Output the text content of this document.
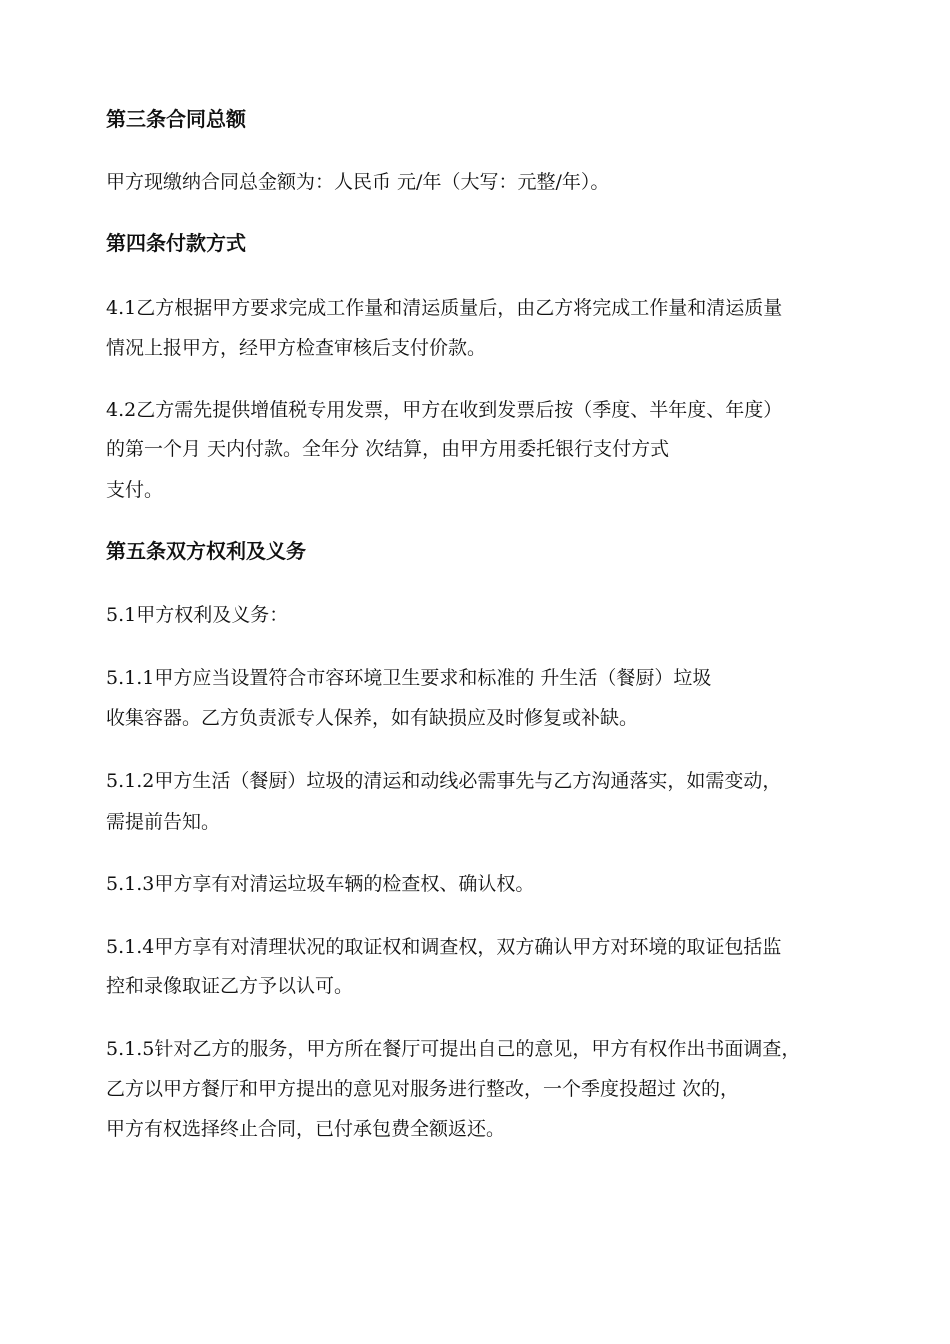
第三条合同总额
甲方现缴纳合同总金额为：人民币 元/年（大写：元整/年）。
第四条付款方式
4.1乙方根据甲方要求完成工作量和清运质量后，由乙方将完成工作量和清运质量
情况上报甲方，经甲方检查审核后支付价款。
4.2乙方需先提供增值税专用发票，甲方在收到发票后按（季度、半年度、年度）
的第一个月 天内付款。全年分 次结算，由甲方用委托银行支付方式
支付。
第五条双方权利及义务
5.1甲方权利及义务：
5.1.1甲方应当设置符合市容环境卫生要求和标准的 升生活（餐厨）垃圾
收集容器。乙方负责派专人保养，如有缺损应及时修复或补缺。
5.1.2甲方生活（餐厨）垃圾的清运和动线必需事先与乙方沟通落实，如需变动，
需提前告知。
5.1.3甲方享有对清运垃圾车辆的检查权、确认权。
5.1.4甲方享有对清理状况的取证权和调查权，双方确认甲方对环境的取证包括监
控和录像取证乙方予以认可。
5.1.5针对乙方的服务，甲方所在餐厅可提出自己的意见，甲方有权作出书面调查，
乙方以甲方餐厅和甲方提出的意见对服务进行整改，一个季度投超过 次的，
甲方有权选择终止合同，已付承包费全额返还。
